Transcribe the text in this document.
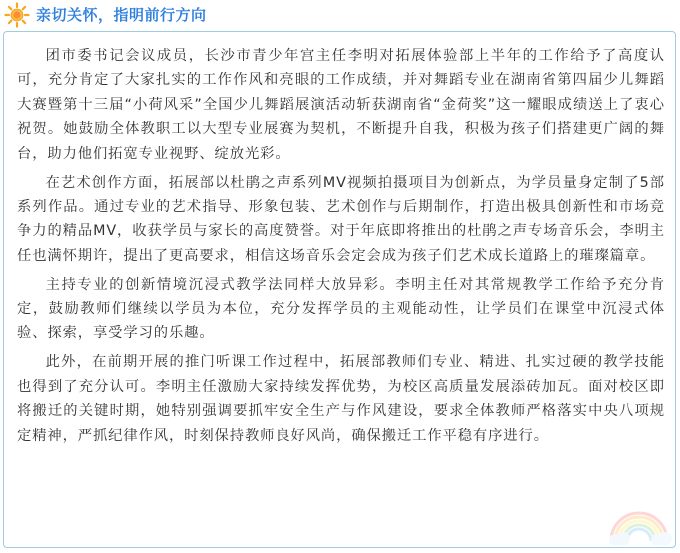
亲切关怀，指明前行方向

团市委书记会议成员，长沙市青少年宫主任李明对拓展体验部上半年的工作给予了高度认可，充分肯定了大家扎实的工作作风和亮眼的工作成绩，并对舞蹈专业在湖南省第四届少儿舞蹈大赛暨第十三届“小荷风采”全国少儿舞蹈展演活动斩获湖南省“金荷奖”这一耀眼成绩送上了衷心祝贺。她鼓励全体教职工以大型专业展赛为契机，不断提升自我，积极为孩子们搭建更广阔的舞台，助力他们拓宽专业视野、绽放光彩。

在艺术创作方面，拓展部以杜鹃之声系列MV视频拍摄项目为创新点，为学员量身定制了5部系列作品。通过专业的艺术指导、形象包装、艺术创作与后期制作，打造出极具创新性和市场竞争力的精品MV，收获学员与家长的高度赞誉。对于年底即将推出的杜鹃之声专场音乐会，李明主任也满怀期许，提出了更高要求，相信这场音乐会定会成为孩子们艺术成长道路上的璀璨篇章。

主持专业的创新情境沉浸式教学法同样大放异彩。李明主任对其常规教学工作给予充分肯定，鼓励教师们继续以学员为本位，充分发挥学员的主观能动性，让学员们在课堂中沉浸式体验、探索，享受学习的乐趣。

此外，在前期开展的推门听课工作过程中，拓展部教师们专业、精进、扎实过硬的教学技能也得到了充分认可。李明主任激励大家持续发挥优势，为校区高质量发展添砖加瓦。面对校区即将搬迁的关键时期，她特别强调要抓牢安全生产与作风建设，要求全体教师严格落实中央八项规定精神，严抓纪律作风，时刻保持教师良好风尚，确保搬迁工作平稳有序进行。
